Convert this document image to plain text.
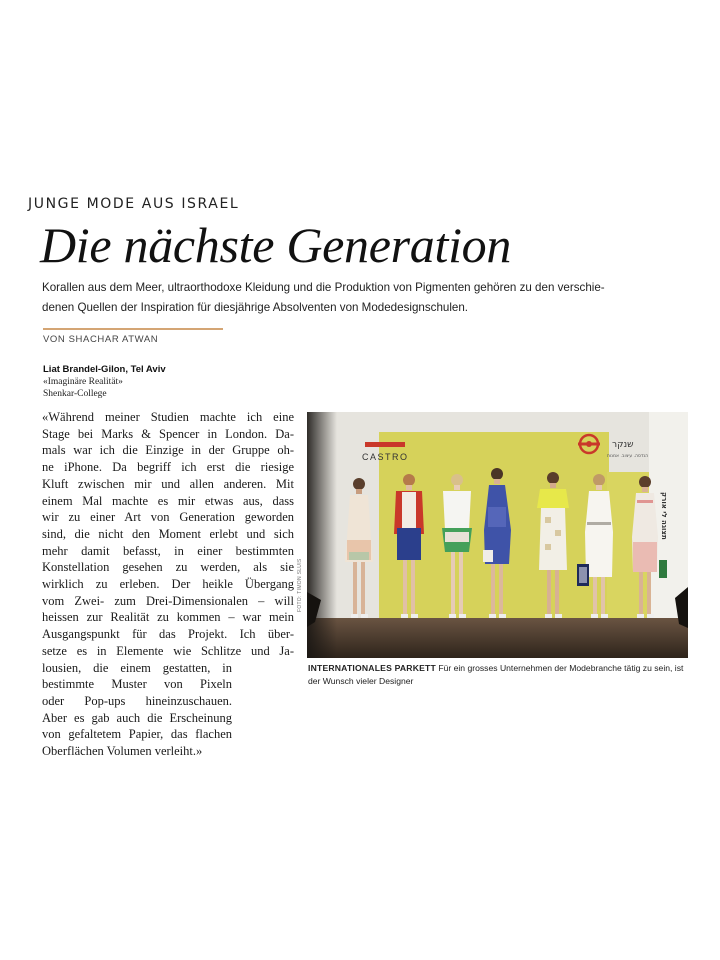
JUNGE MODE AUS ISRAEL
Die nächste Generation
Korallen aus dem Meer, ultraorthodoxe Kleidung und die Produktion von Pigmenten gehören zu den verschie-denen Quellen der Inspiration für diesjährige Absolventen von Modedesignschulen.
VON SHACHAR ATWAN
Liat Brandel-Gilon, Tel Aviv
«Imaginäre Realität»
Shenkar-College
«Während meiner Studien machte ich eine
Stage bei Marks & Spencer in London. Da-
mals war ich die Einzige in der Gruppe oh-
ne iPhone. Da begriff ich erst die riesige
Kluft zwischen mir und allen anderen. Mit
einem Mal machte es mir etwas aus, dass
wir zu einer Art von Generation geworden
sind, die nicht den Moment erlebt und sich
mehr damit befasst, in einer bestimmten
Konstellation gesehen zu werden, als sie
wirklich zu erleben. Der heikle Übergang
vom Zwei- zum Drei-Dimensionalen – will
heissen zur Realität zu kommen – war mein
Ausgangspunkt für das Projekt. Ich über-
setze es in Elemente wie Schlitze und Ja-
lousien, die einem gestatten, in
bestimmte Muster von Pixeln
oder Pop-ups hineinzuschauen.
Aber es gab auch die Erscheinung
von gefaltetem Papier, das flachen
Oberflächen Volumen verleiht.»
FOTO: TIMON SLUIS
CASTRO
שנקר
הנדסה. עיצוב. אמנות
תצוגה לי אורק
INTERNATIONALES PARKETT Für ein grosses Unternehmen der Modebranche tätig zu sein, ist der Wunsch vieler Designer
